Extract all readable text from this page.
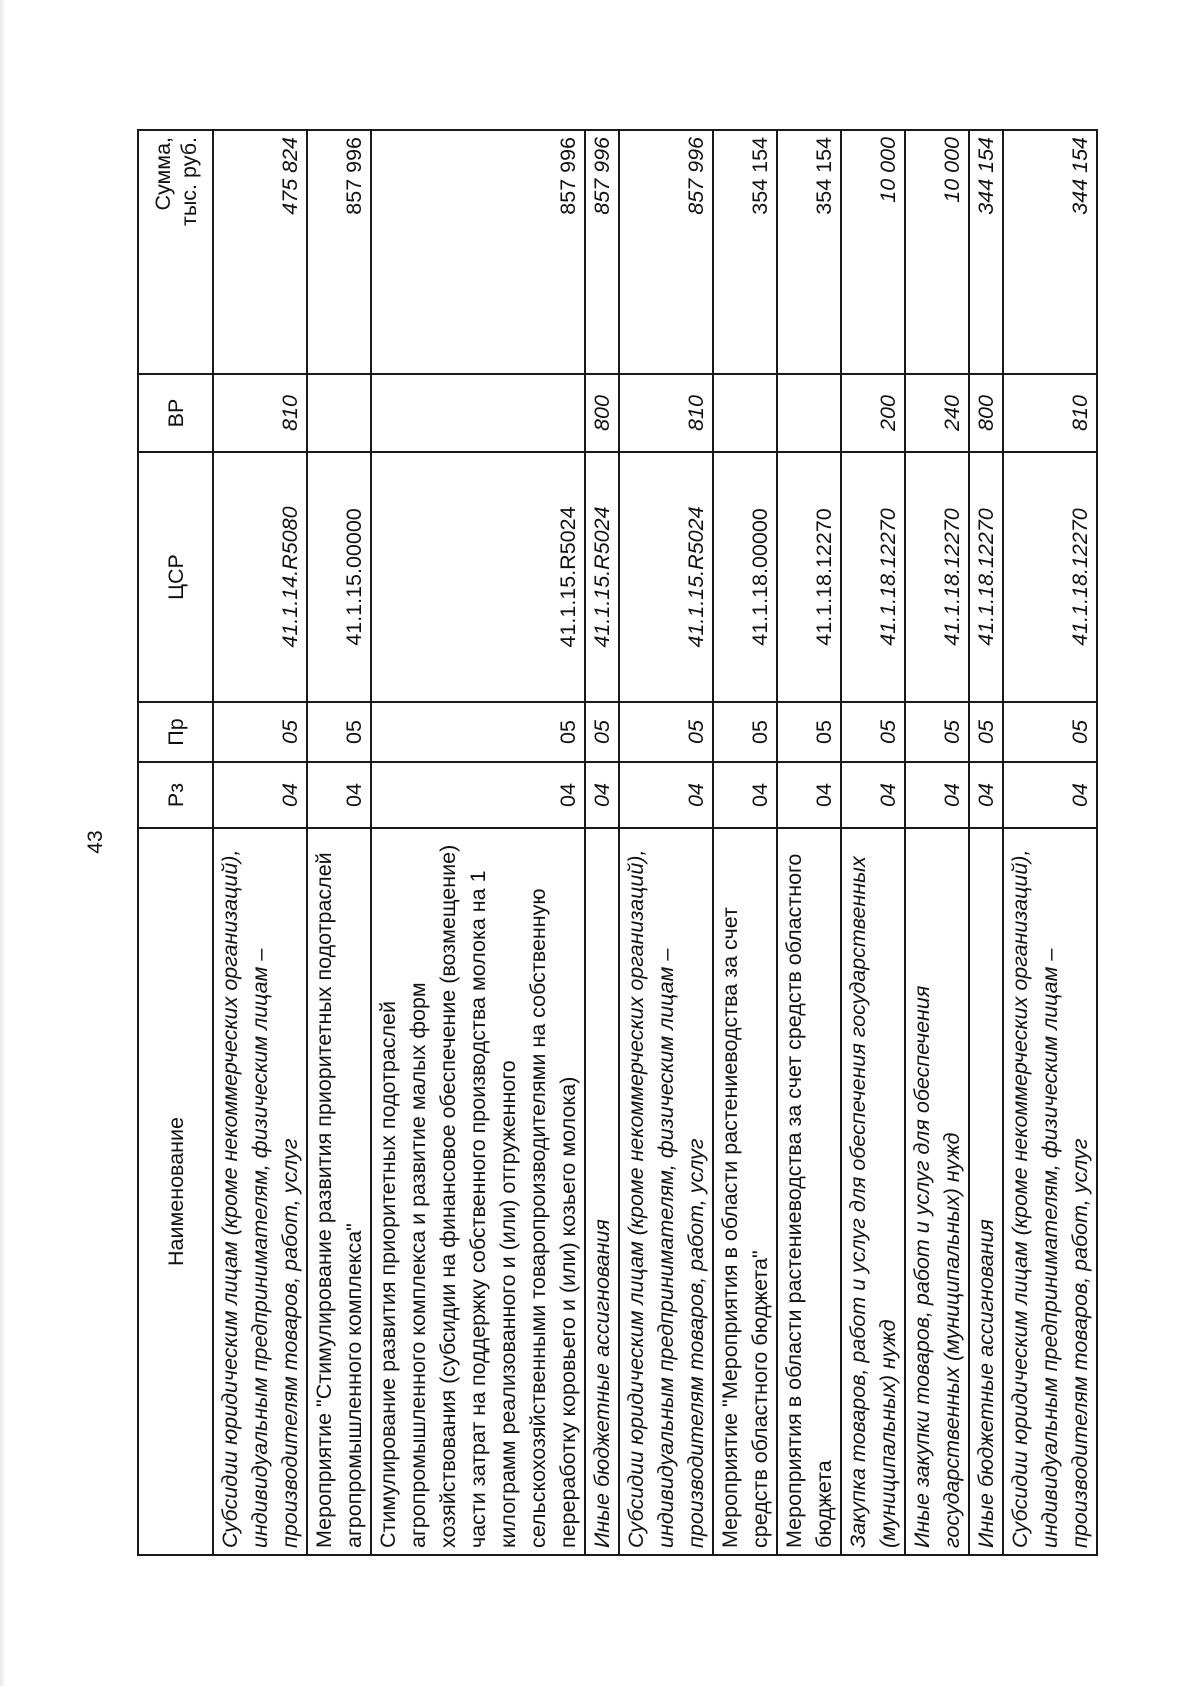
43
Наименование	Рз	Пр	ЦСР	ВР	Сумма,
тыс. руб.
Субсидии юридическим лицам (кроме некоммерческих организаций), индивидуальным предпринимателям, физическим лицам – производителям товаров, работ, услуг	04	05	41.1.14.R5080	810	475 824
Мероприятие "Стимулирование развития приоритетных подотраслей агропромышленного комплекса"	04	05	41.1.15.00000		857 996
Стимулирование развития приоритетных подотраслей агропромышленного комплекса и развитие малых форм хозяйствования (субсидии на финансовое обеспечение (возмещение) части затрат на поддержку собственного производства молока на 1 килограмм реализованного и (или) отгруженного сельскохозяйственными товаропроизводителями на собственную переработку коровьего и (или) козьего молока)	04	05	41.1.15.R5024		857 996
Иные бюджетные ассигнования	04	05	41.1.15.R5024	800	857 996
Субсидии юридическим лицам (кроме некоммерческих организаций), индивидуальным предпринимателям, физическим лицам – производителям товаров, работ, услуг	04	05	41.1.15.R5024	810	857 996
Мероприятие "Мероприятия в области растениеводства за счет средств областного бюджета"	04	05	41.1.18.00000		354 154
Мероприятия в области растениеводства за счет средств областного бюджета	04	05	41.1.18.12270		354 154
Закупка товаров, работ и услуг для обеспечения государственных (муниципальных) нужд	04	05	41.1.18.12270	200	10 000
Иные закупки товаров, работ и услуг для обеспечения государственных (муниципальных) нужд	04	05	41.1.18.12270	240	10 000
Иные бюджетные ассигнования	04	05	41.1.18.12270	800	344 154
Субсидии юридическим лицам (кроме некоммерческих организаций), индивидуальным предпринимателям, физическим лицам – производителям товаров, работ, услуг	04	05	41.1.18.12270	810	344 154
